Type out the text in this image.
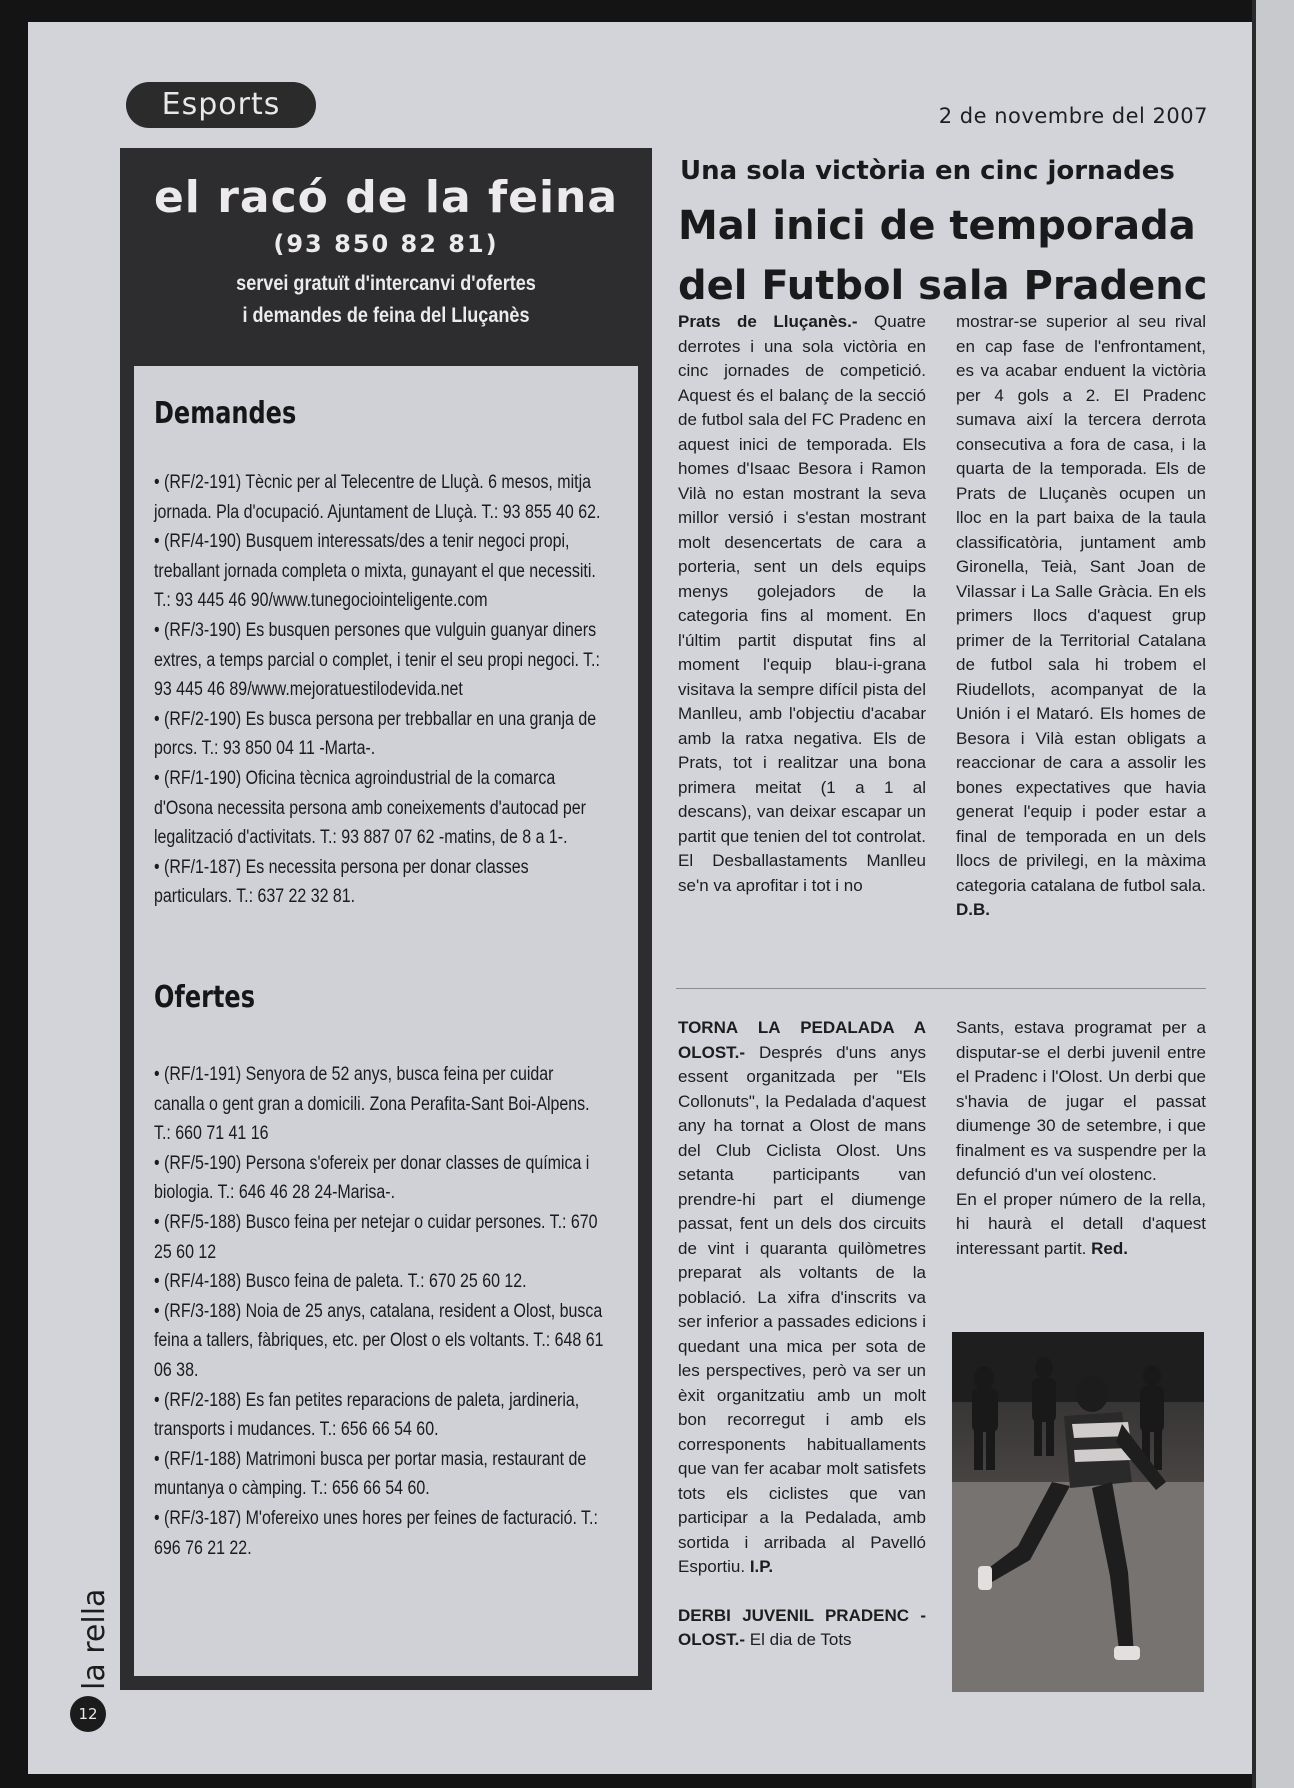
Esports	2 de novembre del 2007
el racó de la feina
(93 850 82 81)
servei gratuït d'intercanvi d'ofertes
i demandes de feina del Lluçanès
Demandes

• (RF/2-191) Tècnic per al Telecentre de Lluçà. 6 mesos, mitja jornada. Pla d'ocupació. Ajuntament de Lluçà. T.: 93 855 40 62.

• (RF/4-190) Busquem interessats/des a tenir negoci propi, treballant jornada completa o mixta, gunayant el que necessiti. T.: 93 445 46 90/www.tunegociointeligente.com

• (RF/3-190) Es busquen persones que vulguin guanyar diners extres, a temps parcial o complet, i tenir el seu propi negoci. T.: 93 445 46 89/www.mejoratuestilodevida.net

• (RF/2-190) Es busca persona per trebballar en una granja de porcs. T.: 93 850 04 11 -Marta-.

• (RF/1-190) Oficina tècnica agroindustrial de la comarca d'Osona necessita persona amb coneixements d'autocad per legalització d'activitats. T.: 93 887 07 62 -matins, de 8 a 1-.

• (RF/1-187) Es necessita persona per donar classes particulars. T.: 637 22 32 81.

Ofertes

• (RF/1-191) Senyora de 52 anys, busca feina per cuidar canalla o gent gran a domicili. Zona Perafita-Sant Boi-Alpens. T.: 660 71 41 16

• (RF/5-190) Persona s'ofereix per donar classes de química i biologia. T.: 646 46 28 24-Marisa-.

• (RF/5-188) Busco feina per netejar o cuidar persones. T.: 670 25 60 12

• (RF/4-188) Busco feina de paleta. T.: 670 25 60 12.

• (RF/3-188) Noia de 25 anys, catalana, resident a Olost, busca feina a tallers, fàbriques, etc. per Olost o els voltants. T.: 648 61 06 38.

• (RF/2-188) Es fan petites reparacions de paleta, jardineria, transports i mudances. T.: 656 66 54 60.

• (RF/1-188) Matrimoni busca per portar masia, restaurant de muntanya o càmping. T.: 656 66 54 60.

• (RF/3-187) M'ofereixo unes hores per feines de facturació. T.: 696 76 21 22.

Una sola victòria en cinc jornades
Mal inici de temporada del Futbol sala Pradenc

Prats de Lluçanès.- Quatre derrotes i una sola victòria en cinc jornades de competició. Aquest és el balanç de la secció de futbol sala del FC Pradenc en aquest inici de temporada. Els homes d'Isaac Besora i Ramon Vilà no estan mostrant la seva millor versió i s'estan mostrant molt desencertats de cara a porteria, sent un dels equips menys golejadors de la categoria fins al moment. En l'últim partit disputat fins al moment l'equip blau-i-grana visitava la sempre difícil pista del Manlleu, amb l'objectiu d'acabar amb la ratxa negativa. Els de Prats, tot i realitzar una bona primera meitat (1 a 1 al descans), van deixar escapar un partit que tenien del tot controlat. El Desballastaments Manlleu se'n va aprofitar i tot i no

mostrar-se superior al seu rival en cap fase de l'enfrontament, es va acabar enduent la victòria per 4 gols a 2. El Pradenc sumava així la tercera derrota consecutiva a fora de casa, i la quarta de la temporada. Els de Prats de Lluçanès ocupen un lloc en la part baixa de la taula classificatòria, juntament amb Gironella, Teià, Sant Joan de Vilassar i La Salle Gràcia. En els primers llocs d'aquest grup primer de la Territorial Catalana de futbol sala hi trobem el Riudellots, acompanyat de la Unión i el Mataró. Els homes de Besora i Vilà estan obligats a reaccionar de cara a assolir les bones expectatives que havia generat l'equip i poder estar a final de temporada en un dels llocs de privilegi, en la màxima categoria catalana de futbol sala. D.B.

TORNA LA PEDALADA A OLOST.- Després d'uns anys essent organitzada per "Els Collonuts", la Pedalada d'aquest any ha tornat a Olost de mans del Club Ciclista Olost. Uns setanta participants van prendre-hi part el diumenge passat, fent un dels dos circuits de vint i quaranta quilòmetres preparat als voltants de la població. La xifra d'inscrits va ser inferior a passades edicions i quedant una mica per sota de les perspectives, però va ser un èxit organitzatiu amb un molt bon recorregut i amb els corresponents habituallaments que van fer acabar molt satisfets tots els ciclistes que van participar a la Pedalada, amb sortida i arribada al Pavelló Esportiu. I.P.

DERBI JUVENIL PRADENC - OLOST.- El dia de Tots

Sants, estava programat per a disputar-se el derbi juvenil entre el Pradenc i l'Olost. Un derbi que s'havia de jugar el passat diumenge 30 de setembre, i que finalment es va suspendre per la defunció d'un veí olostenc.

En el proper número de la rella, hi haurà el detall d'aquest interessant partit. Red.

la rella
12
